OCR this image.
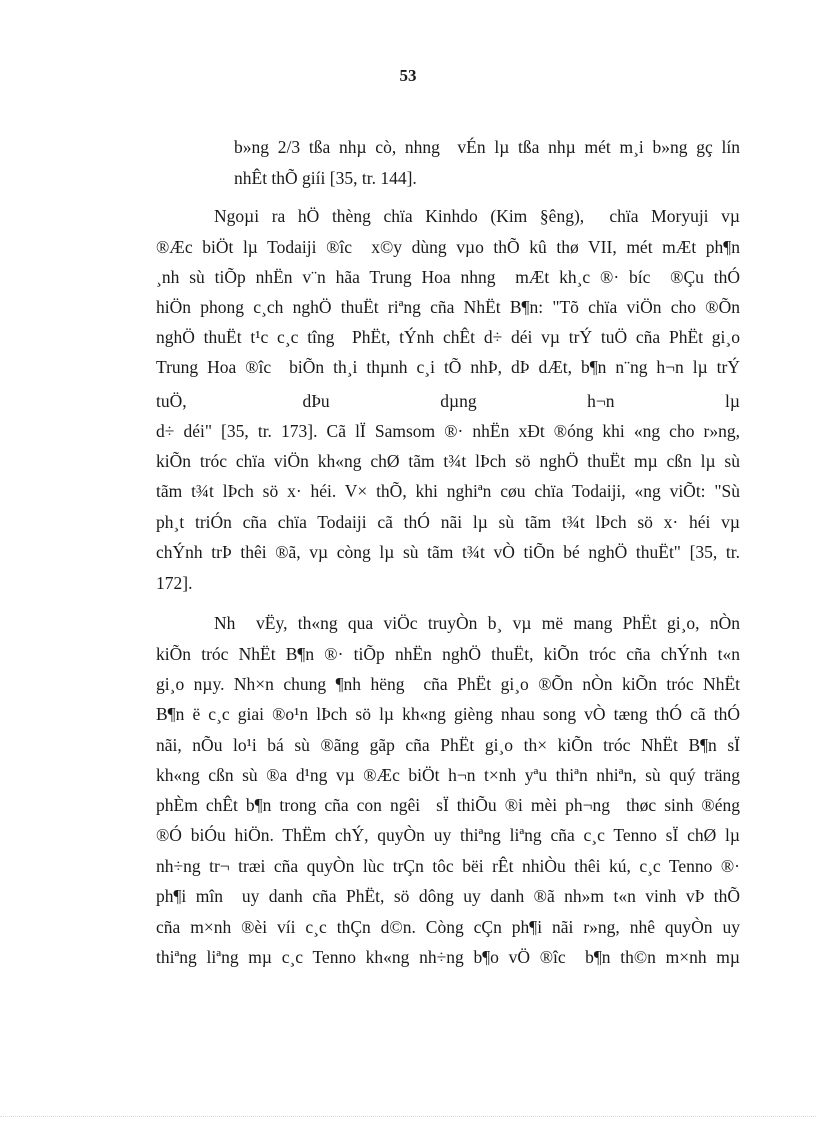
53
b»ng 2/3 tßa nhµ cò, nhng  vÉn lµ tßa nhµ mét m¸i b»ng gç lín
nhÊt thÕ giíi [35, tr. 144].
Ngoµi ra hÖ thèng chïa Kinhdo (Kim §êng),  chïa Moryuji vµ
®Æc biÖt lµ Todaiji ®îc  x©y dùng vµo thÕ kû thø VII, mét mÆt ph¶n
¸nh sù tiÕp nhËn v¨n hãa Trung Hoa nhng  mÆt kh¸c ®· bíc  ®Çu thÓ
hiÖn phong c¸ch nghÖ thuËt riªng cña NhËt B¶n: "Tõ chïa viÖn cho ®Õn
nghÖ thuËt t¹c c¸c tîng  PhËt, tÝnh chÊt d÷ déi vµ trÝ tuÖ cña PhËt gi¸o
Trung Hoa ®îc  biÕn th¸i thµnh c¸i tÕ nhÞ, dÞ dÆt, b¶n n¨ng h¬n lµ trÝ
tuÖ,                      dÞu                     dµng                     h¬n                     lµ
d÷ déi" [35, tr. 173]. Cã lÏ Samsom ®· nhËn xÐt ®óng khi «ng cho r»ng,
kiÕn tróc chïa viÖn kh«ng chØ tãm t¾t lÞch sö nghÖ thuËt mµ cßn lµ sù
tãm t¾t lÞch sö x· héi. V× thÕ, khi nghiªn cøu chïa Todaiji, «ng viÕt: "Sù
ph¸t triÓn cña chïa Todaiji cã thÓ nãi lµ sù tãm t¾t lÞch sö x· héi vµ
chÝnh trÞ thêi ®ã, vµ còng lµ sù tãm t¾t vÒ tiÕn bé nghÖ thuËt" [35, tr.
172].
Nh  vËy, th«ng qua viÖc truyÒn b¸ vµ më mang PhËt gi¸o, nÒn
kiÕn tróc NhËt B¶n ®· tiÕp nhËn nghÖ thuËt, kiÕn tróc cña chÝnh t«n
gi¸o nµy. Nh×n chung ¶nh hëng  cña PhËt gi¸o ®Õn nÒn kiÕn tróc NhËt
B¶n ë c¸c giai ®o¹n lÞch sö lµ kh«ng gièng nhau song vÒ tæng thÓ cã thÓ
nãi, nÕu lo¹i bá sù ®ãng gãp cña PhËt gi¸o th× kiÕn tróc NhËt B¶n sÏ
kh«ng cßn sù ®a d¹ng vµ ®Æc biÖt h¬n t×nh yªu thiªn nhiªn, sù quý träng
phÈm chÊt b¶n trong cña con ngêi  sÏ thiÕu ®i mèi ph¬ng  thøc sinh ®éng
®Ó biÓu hiÖn. ThËm chÝ, quyÒn uy thiªng liªng cña c¸c Tenno sÏ chØ lµ
nh÷ng tr¬ træi cña quyÒn lùc trÇn tôc bëi rÊt nhiÒu thêi kú, c¸c Tenno ®·
ph¶i mîn  uy danh cña PhËt, sö dông uy danh ®ã nh»m t«n vinh vÞ thÕ
cña m×nh ®èi víi c¸c thÇn d©n. Còng cÇn ph¶i nãi r»ng, nhê quyÒn uy
thiªng liªng mµ c¸c Tenno kh«ng nh÷ng b¶o vÖ ®îc  b¶n th©n m×nh mµ
